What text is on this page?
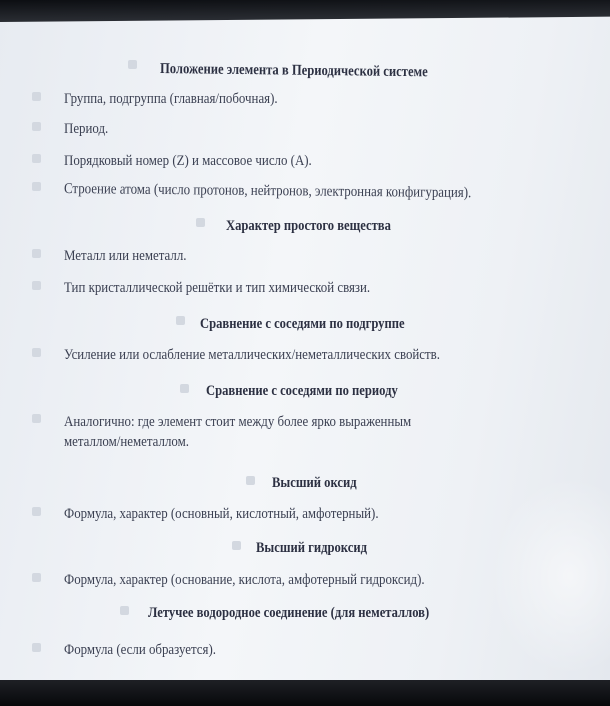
Положение элемента в Периодической системе
Группа, подгруппа (главная/побочная).
Период.
Порядковый номер (Z) и массовое число (A).
Строение атома (число протонов, нейтронов, электронная конфигурация).
Характер простого вещества
Металл или неметалл.
Тип кристаллической решётки и тип химической связи.
Сравнение с соседями по подгруппе
Усиление или ослабление металлических/неметаллических свойств.
Сравнение с соседями по периоду
Аналогично: где элемент стоит между более ярко выраженным
металлом/неметаллом.
Высший оксид
Формула, характер (основный, кислотный, амфотерный).
Высший гидроксид
Формула, характер (основание, кислота, амфотерный гидроксид).
Летучее водородное соединение (для неметаллов)
Формула (если образуется).
